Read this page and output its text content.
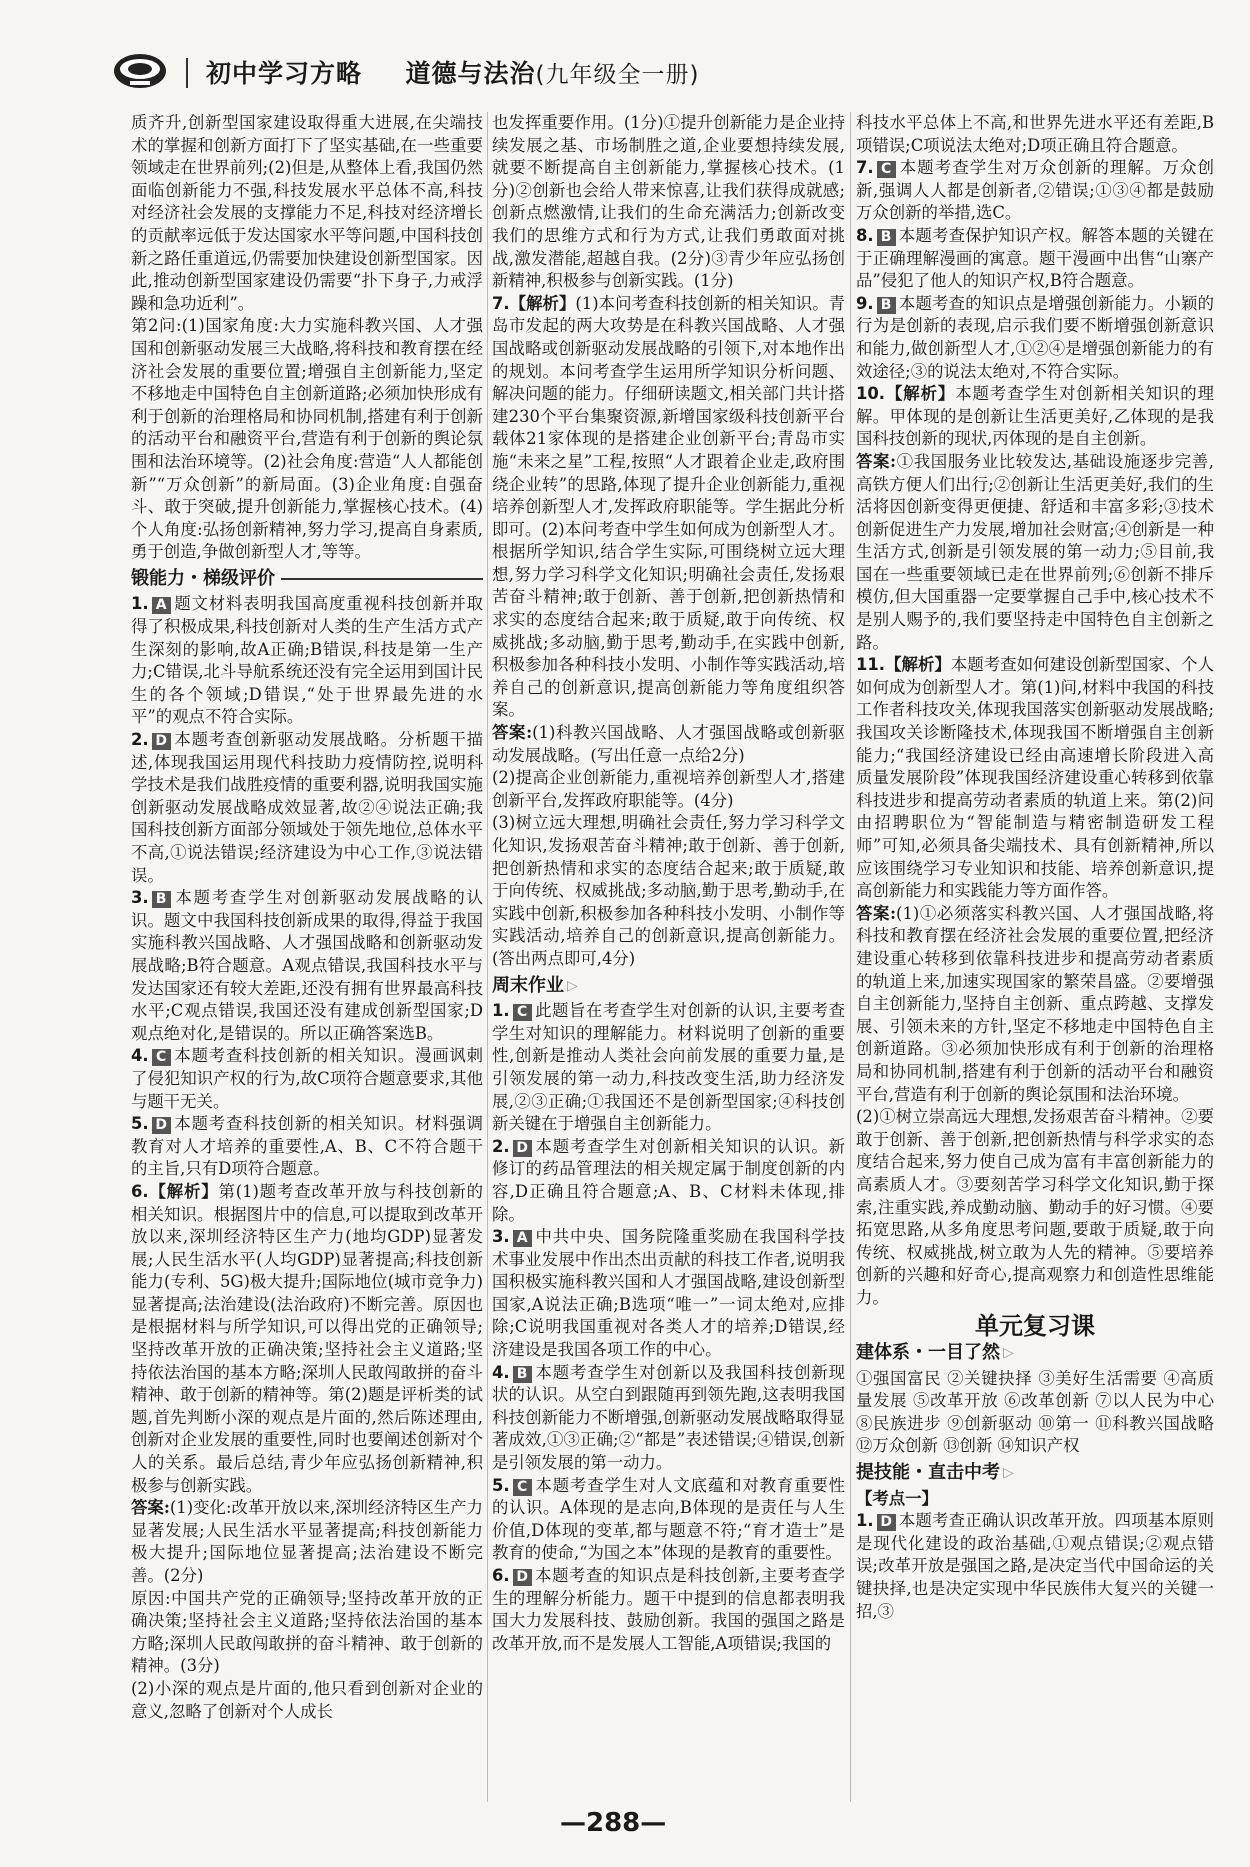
初中学习方略 道德与法治(九年级全一册)

质齐升,创新型国家建设取得重大进展,在尖端技术的掌握和创新方面打下了坚实基础,在一些重要领域走在世界前列;(2)但是,从整体上看,我国仍然面临创新能力不强,科技发展水平总体不高,科技对经济社会发展的支撑能力不足,科技对经济增长的贡献率远低于发达国家水平等问题,中国科技创新之路任重道远,仍需要加快建设创新型国家。因此,推动创新型国家建设仍需要“扑下身子,力戒浮躁和急功近利”。

第2问:(1)国家角度:大力实施科教兴国、人才强国和创新驱动发展三大战略,将科技和教育摆在经济社会发展的重要位置;增强自主创新能力,坚定不移地走中国特色自主创新道路;必须加快形成有利于创新的治理格局和协同机制,搭建有利于创新的活动平台和融资平台,营造有利于创新的舆论氛围和法治环境等。(2)社会角度:营造“人人都能创新”“万众创新”的新局面。(3)企业角度:自强奋斗、敢于突破,提升创新能力,掌握核心技术。(4)个人角度:弘扬创新精神,努力学习,提高自身素质,勇于创造,争做创新型人才,等等。

锻能力・梯级评价

1. A 题文材料表明我国高度重视科技创新并取得了积极成果,科技创新对人类的生产生活方式产生深刻的影响,故A正确;B错误,科技是第一生产力;C错误,北斗导航系统还没有完全运用到国计民生的各个领域;D错误,“处于世界最先进的水平”的观点不符合实际。

2. D 本题考查创新驱动发展战略。分析题干描述,体现我国运用现代科技助力疫情防控,说明科学技术是我们战胜疫情的重要利器,说明我国实施创新驱动发展战略成效显著,故②④说法正确;我国科技创新方面部分领域处于领先地位,总体水平不高,①说法错误;经济建设为中心工作,③说法错误。

3. B 本题考查学生对创新驱动发展战略的认识。题文中我国科技创新成果的取得,得益于我国实施科教兴国战略、人才强国战略和创新驱动发展战略;B符合题意。A观点错误,我国科技水平与发达国家还有较大差距,还没有拥有世界最高科技水平;C观点错误,我国还没有建成创新型国家;D观点绝对化,是错误的。所以正确答案选B。

4. C 本题考查科技创新的相关知识。漫画讽刺了侵犯知识产权的行为,故C项符合题意要求,其他与题干无关。

5. D 本题考查科技创新的相关知识。材料强调教育对人才培养的重要性,A、B、C不符合题干的主旨,只有D项符合题意。

6.【解析】第(1)题考查改革开放与科技创新的相关知识。根据图片中的信息,可以提取到改革开放以来,深圳经济特区生产力(地均GDP)显著发展;人民生活水平(人均GDP)显著提高;科技创新能力(专利、5G)极大提升;国际地位(城市竞争力)显著提高;法治建设(法治政府)不断完善。原因也是根据材料与所学知识,可以得出党的正确领导;坚持改革开放的正确决策;坚持社会主义道路;坚持依法治国的基本方略;深圳人民敢闯敢拼的奋斗精神、敢于创新的精神等。第(2)题是评析类的试题,首先判断小深的观点是片面的,然后陈述理由,创新对企业发展的重要性,同时也要阐述创新对个人的关系。最后总结,青少年应弘扬创新精神,积极参与创新实践。

答案:(1)变化:改革开放以来,深圳经济特区生产力显著发展;人民生活水平显著提高;科技创新能力极大提升;国际地位显著提高;法治建设不断完善。(2分)

原因:中国共产党的正确领导;坚持改革开放的正确决策;坚持社会主义道路;坚持依法治国的基本方略;深圳人民敢闯敢拼的奋斗精神、敢于创新的精神。(3分)

(2)小深的观点是片面的,他只看到创新对企业的意义,忽略了创新对个人成长

也发挥重要作用。(1分)①提升创新能力是企业持续发展之基、市场制胜之道,企业要想持续发展,就要不断提高自主创新能力,掌握核心技术。(1分)②创新也会给人带来惊喜,让我们获得成就感;创新点燃激情,让我们的生命充满活力;创新改变我们的思维方式和行为方式,让我们勇敢面对挑战,激发潜能,超越自我。(2分)③青少年应弘扬创新精神,积极参与创新实践。(1分)

7.【解析】(1)本问考查科技创新的相关知识。青岛市发起的两大攻势是在科教兴国战略、人才强国战略或创新驱动发展战略的引领下,对本地作出的规划。本问考查学生运用所学知识分析问题、解决问题的能力。仔细研读题文,相关部门共计搭建230个平台集聚资源,新增国家级科技创新平台载体21家体现的是搭建企业创新平台;青岛市实施“未来之星”工程,按照“人才跟着企业走,政府围绕企业转”的思路,体现了提升企业创新能力,重视培养创新型人才,发挥政府职能等。学生据此分析即可。(2)本问考查中学生如何成为创新型人才。根据所学知识,结合学生实际,可围绕树立远大理想,努力学习科学文化知识;明确社会责任,发扬艰苦奋斗精神;敢于创新、善于创新,把创新热情和求实的态度结合起来;敢于质疑,敢于向传统、权威挑战;多动脑,勤于思考,勤动手,在实践中创新,积极参加各种科技小发明、小制作等实践活动,培养自己的创新意识,提高创新能力等角度组织答案。

答案:(1)科教兴国战略、人才强国战略或创新驱动发展战略。(写出任意一点给2分)

(2)提高企业创新能力,重视培养创新型人才,搭建创新平台,发挥政府职能等。(4分)

(3)树立远大理想,明确社会责任,努力学习科学文化知识,发扬艰苦奋斗精神;敢于创新、善于创新,把创新热情和求实的态度结合起来;敢于质疑,敢于向传统、权威挑战;多动脑,勤于思考,勤动手,在实践中创新,积极参加各种科技小发明、小制作等实践活动,培养自己的创新意识,提高创新能力。(答出两点即可,4分)

周末作业 ▷

1. C 此题旨在考查学生对创新的认识,主要考查学生对知识的理解能力。材料说明了创新的重要性,创新是推动人类社会向前发展的重要力量,是引领发展的第一动力,科技改变生活,助力经济发展,②③正确;①我国还不是创新型国家;④科技创新关键在于增强自主创新能力。

2. D 本题考查学生对创新相关知识的认识。新修订的药品管理法的相关规定属于制度创新的内容,D正确且符合题意;A、B、C材料未体现,排除。

3. A 中共中央、国务院隆重奖励在我国科学技术事业发展中作出杰出贡献的科技工作者,说明我国积极实施科教兴国和人才强国战略,建设创新型国家,A说法正确;B选项“唯一”一词太绝对,应排除;C说明我国重视对各类人才的培养;D错误,经济建设是我国各项工作的中心。

4. B 本题考查学生对创新以及我国科技创新现状的认识。从空白到跟随再到领先跑,这表明我国科技创新能力不断增强,创新驱动发展战略取得显著成效,①③正确;②“都是”表述错误;④错误,创新是引领发展的第一动力。

5. C 本题考查学生对人文底蕴和对教育重要性的认识。A体现的是志向,B体现的是责任与人生价值,D体现的变革,都与题意不符;“育才造士”是教育的使命,“为国之本”体现的是教育的重要性。

6. D 本题考查的知识点是科技创新,主要考查学生的理解分析能力。题干中提到的信息都表明我国大力发展科技、鼓励创新。我国的强国之路是改革开放,而不是发展人工智能,A项错误;我国的

科技水平总体上不高,和世界先进水平还有差距,B项错误;C项说法太绝对;D项正确且符合题意。

7. C 本题考查学生对万众创新的理解。万众创新,强调人人都是创新者,②错误;①③④都是鼓励万众创新的举措,选C。

8. B 本题考查保护知识产权。解答本题的关键在于正确理解漫画的寓意。题干漫画中出售“山寨产品”侵犯了他人的知识产权,B符合题意。

9. B 本题考查的知识点是增强创新能力。小颖的行为是创新的表现,启示我们要不断增强创新意识和能力,做创新型人才,①②④是增强创新能力的有效途径;③的说法太绝对,不符合实际。

10.【解析】本题考查学生对创新相关知识的理解。甲体现的是创新让生活更美好,乙体现的是我国科技创新的现状,丙体现的是自主创新。

答案:①我国服务业比较发达,基础设施逐步完善,高铁方便人们出行;②创新让生活更美好,我们的生活将因创新变得更便捷、舒适和丰富多彩;③技术创新促进生产力发展,增加社会财富;④创新是一种生活方式,创新是引领发展的第一动力;⑤目前,我国在一些重要领域已走在世界前列;⑥创新不排斥模仿,但大国重器一定要掌握自己手中,核心技术不是别人赐予的,我们要坚持走中国特色自主创新之路。

11.【解析】本题考查如何建设创新型国家、个人如何成为创新型人才。第(1)问,材料中我国的科技工作者科技攻关,体现我国落实创新驱动发展战略;我国攻关诊断隆技术,体现我国不断增强自主创新能力;“我国经济建设已经由高速增长阶段进入高质量发展阶段”体现我国经济建设重心转移到依靠科技进步和提高劳动者素质的轨道上来。第(2)问由招聘职位为“智能制造与精密制造研发工程师”可知,必须具备尖端技术、具有创新精神,所以应该围绕学习专业知识和技能、培养创新意识,提高创新能力和实践能力等方面作答。

答案:(1)①必须落实科教兴国、人才强国战略,将科技和教育摆在经济社会发展的重要位置,把经济建设重心转移到依靠科技进步和提高劳动者素质的轨道上来,加速实现国家的繁荣昌盛。②要增强自主创新能力,坚持自主创新、重点跨越、支撑发展、引领未来的方针,坚定不移地走中国特色自主创新道路。③必须加快形成有利于创新的治理格局和协同机制,搭建有利于创新的活动平台和融资平台,营造有利于创新的舆论氛围和法治环境。

(2)①树立崇高远大理想,发扬艰苦奋斗精神。②要敢于创新、善于创新,把创新热情与科学求实的态度结合起来,努力使自己成为富有丰富创新能力的高素质人才。③要刻苦学习科学文化知识,勤于探索,注重实践,养成勤动脑、勤动手的好习惯。④要拓宽思路,从多角度思考问题,要敢于质疑,敢于向传统、权威挑战,树立敢为人先的精神。⑤要培养创新的兴趣和好奇心,提高观察力和创造性思维能力。

单元复习课
建体系・一目了然 ▷

①强国富民 ②关键抉择 ③美好生活需要 ④高质量发展 ⑤改革开放 ⑥改革创新 ⑦以人民为中心 ⑧民族进步 ⑨创新驱动 ⑩第一 ⑪科教兴国战略 ⑫万众创新 ⑬创新 ⑭知识产权

提技能・直击中考 ▷

【考点一】

1. D 本题考查正确认识改革开放。四项基本原则是现代化建设的政治基础,①观点错误;②观点错误;改革开放是强国之路,是决定当代中国命运的关键抉择,也是决定实现中华民族伟大复兴的关键一招,③

—288—
